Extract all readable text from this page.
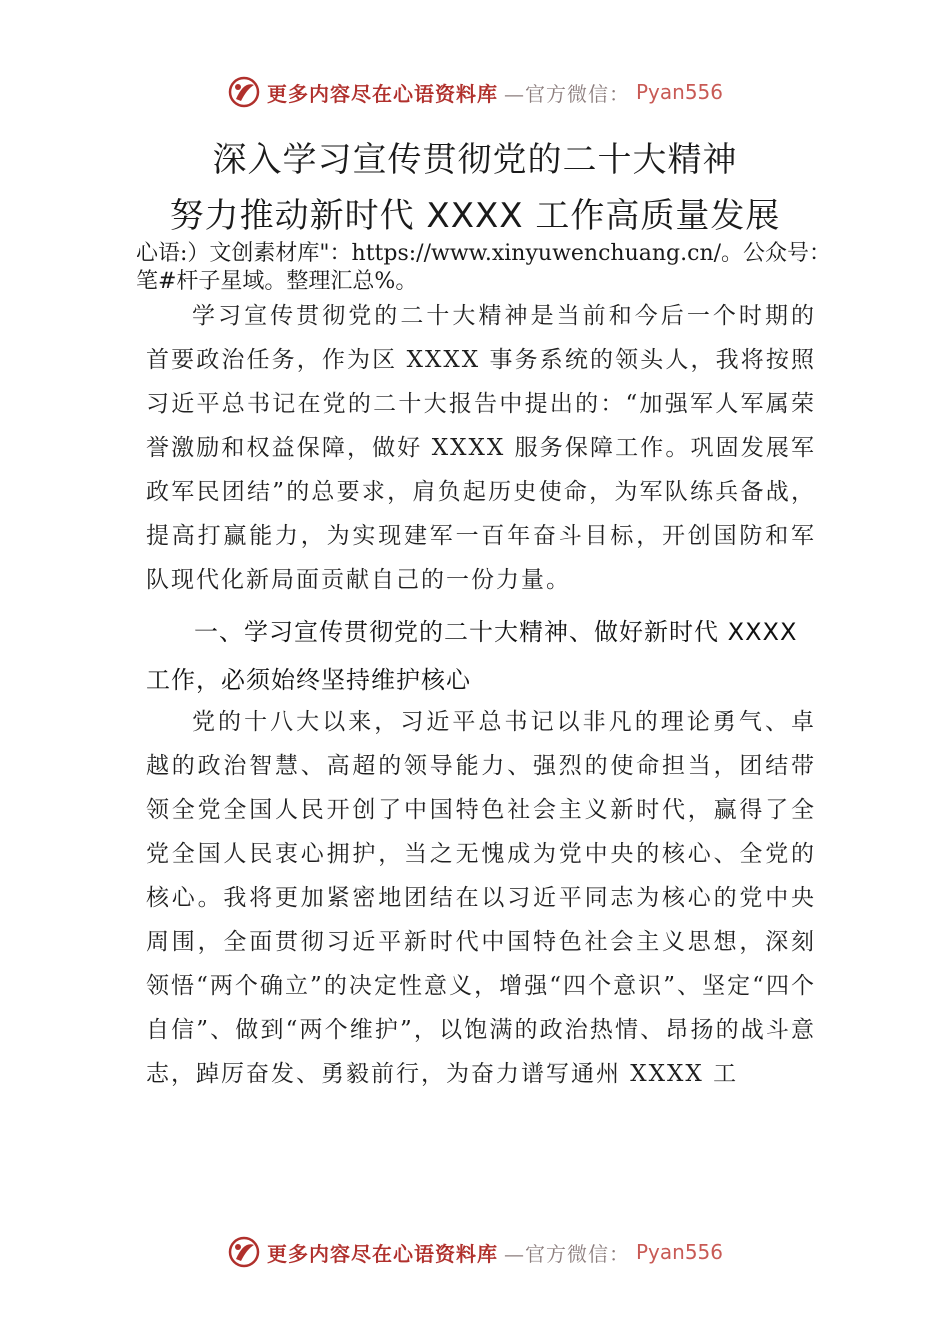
更多内容尽在心语资料库 —官方微信： Pyan556
深入学习宣传贯彻党的二十大精神
努力推动新时代 XXXX 工作高质量发展
心语:）文创素材库"：https://www.xinyuwenchuang.cn/。公众号：笔#杆子星域。整理汇总%。
学习宣传贯彻党的二十大精神是当前和今后一个时期的首要政治任务，作为区 XXXX 事务系统的领头人，我将按照习近平总书记在党的二十大报告中提出的：“加强军人军属荣誉激励和权益保障，做好 XXXX 服务保障工作。巩固发展军政军民团结”的总要求，肩负起历史使命，为军队练兵备战， 提高打赢能力，为实现建军一百年奋斗目标，开创国防和军队现代化新局面贡献自己的一份力量。
一、学习宣传贯彻党的二十大精神、做好新时代 XXXX 工作，必须始终坚持维护核心
党的十八大以来，习近平总书记以非凡的理论勇气、卓越的政治智慧、高超的领导能力、强烈的使命担当，团结带领全党全国人民开创了中国特色社会主义新时代，赢得了全党全国人民衷心拥护，当之无愧成为党中央的核心、全党的核心。我将更加紧密地团结在以习近平同志为核心的党中央周围，全面贯彻习近平新时代中国特色社会主义思想，深刻领悟“两个确立”的决定性意义，增强“四个意识”、坚定“四个自信”、做到“两个维护”，以饱满的政治热情、昂扬的战斗意志，踔厉奋发、勇毅前行，为奋力谱写通州 XXXX 工
更多内容尽在心语资料库 —官方微信： Pyan556
